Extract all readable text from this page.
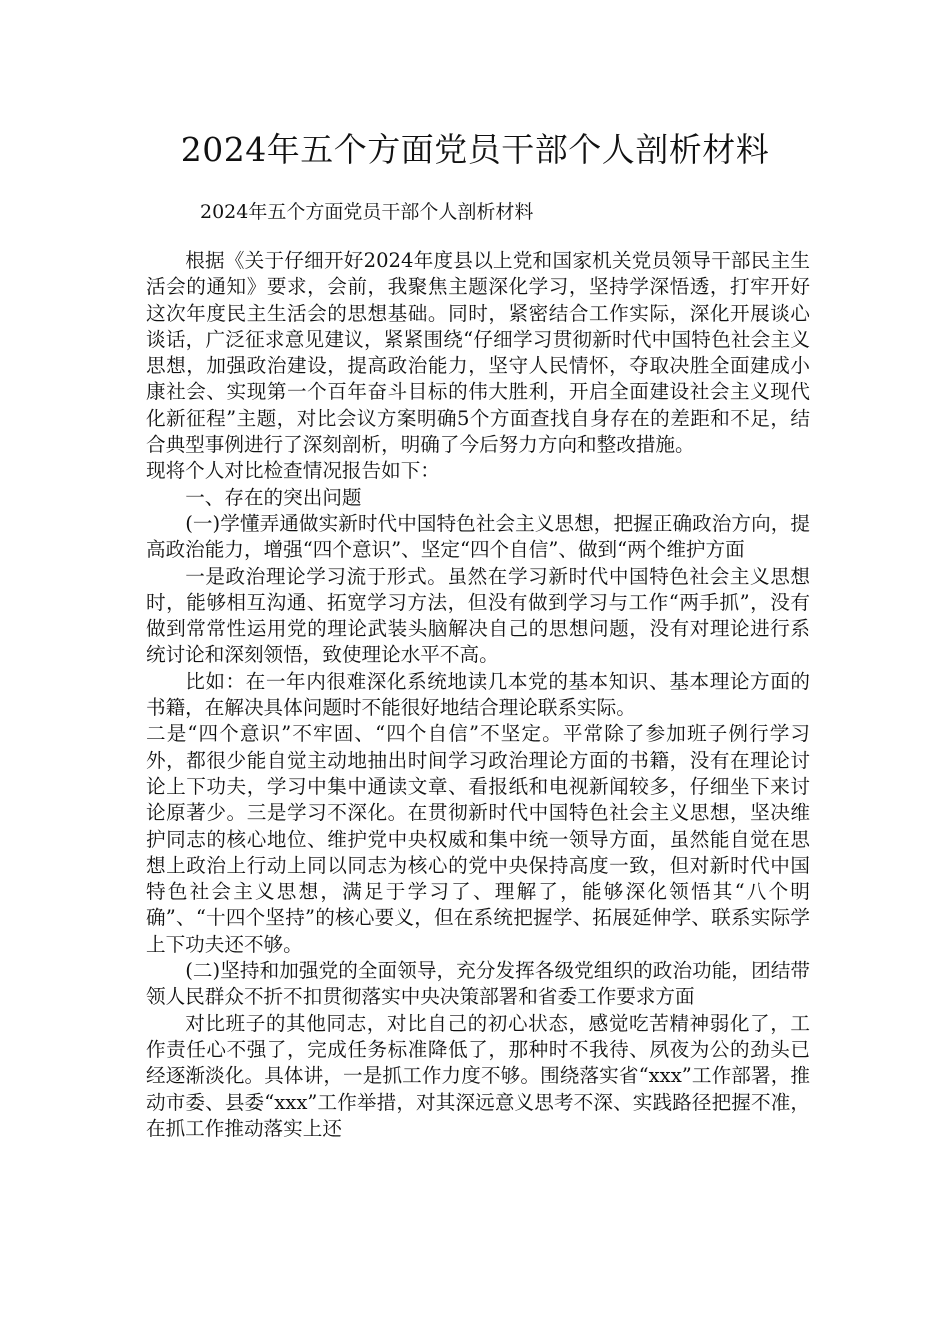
2024年五个方面党员干部个人剖析材料
2024年五个方面党员干部个人剖析材料

根据《关于仔细开好2024年度县以上党和国家机关党员领导干部民主生活会的通知》要求，会前，我聚焦主题深化学习，坚持学深悟透，打牢开好这次年度民主生活会的思想基础。同时，紧密结合工作实际，深化开展谈心谈话，广泛征求意见建议，紧紧围绕“仔细学习贯彻新时代中国特色社会主义思想，加强政治建设，提高政治能力，坚守人民情怀，夺取决胜全面建成小康社会、实现第一个百年奋斗目标的伟大胜利，开启全面建设社会主义现代化新征程”主题，对比会议方案明确5个方面查找自身存在的差距和不足，结合典型事例进行了深刻剖析，明确了今后努力方向和整改措施。

现将个人对比检查情况报告如下：

一、存在的突出问题

(一)学懂弄通做实新时代中国特色社会主义思想，把握正确政治方向，提高政治能力，增强“四个意识”、坚定“四个自信”、做到“两个维护方面

一是政治理论学习流于形式。虽然在学习新时代中国特色社会主义思想时，能够相互沟通、拓宽学习方法，但没有做到学习与工作“两手抓”，没有做到常常性运用党的理论武装头脑解决自己的思想问题，没有对理论进行系统讨论和深刻领悟，致使理论水平不高。

比如：在一年内很难深化系统地读几本党的基本知识、基本理论方面的书籍，在解决具体问题时不能很好地结合理论联系实际。

二是“四个意识”不牢固、“四个自信”不坚定。平常除了参加班子例行学习外，都很少能自觉主动地抽出时间学习政治理论方面的书籍，没有在理论讨论上下功夫，学习中集中通读文章、看报纸和电视新闻较多，仔细坐下来讨论原著少。三是学习不深化。在贯彻新时代中国特色社会主义思想，坚决维护同志的核心地位、维护党中央权威和集中统一领导方面，虽然能自觉在思想上政治上行动上同以同志为核心的党中央保持高度一致，但对新时代中国特色社会主义思想，满足于学习了、理解了，能够深化领悟其“八个明确”、“十四个坚持”的核心要义，但在系统把握学、拓展延伸学、联系实际学上下功夫还不够。

(二)坚持和加强党的全面领导，充分发挥各级党组织的政治功能，团结带领人民群众不折不扣贯彻落实中央决策部署和省委工作要求方面

对比班子的其他同志，对比自己的初心状态，感觉吃苦精神弱化了，工作责任心不强了，完成任务标准降低了，那种时不我待、夙夜为公的劲头已经逐渐淡化。具体讲，一是抓工作力度不够。围绕落实省“xxx”工作部署，推动市委、县委“xxx”工作举措，对其深远意义思考不深、实践路径把握不准，在抓工作推动落实上还
